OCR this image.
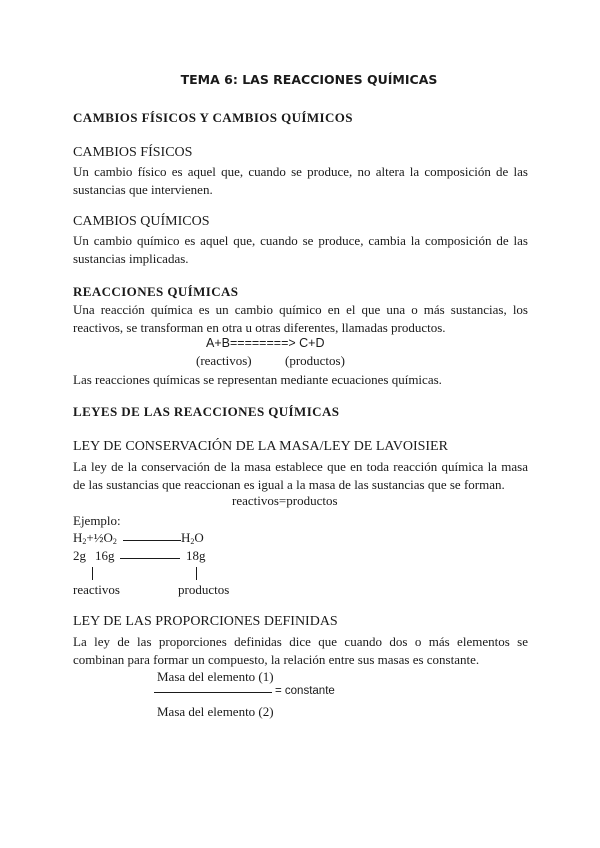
TEMA 6: LAS REACCIONES QUÍMICAS
CAMBIOS FÍSICOS Y CAMBIOS QUÍMICOS
CAMBIOS FÍSICOS
Un cambio físico es aquel que, cuando se produce, no altera la composición de las
sustancias que intervienen.
CAMBIOS QUÍMICOS
Un cambio químico es aquel que, cuando se produce, cambia la composición de las
sustancias implicadas.
REACCIONES QUÍMICAS
Una reacción química es un cambio químico en el que una o más sustancias, los
reactivos, se transforman en otra u otras diferentes, llamadas productos.
A+B========> C+D
(reactivos)	(productos)
Las reacciones químicas se representan mediante ecuaciones químicas.
LEYES DE LAS REACCIONES QUÍMICAS
LEY DE CONSERVACIÓN DE LA MASA/LEY DE LAVOISIER
La ley de la conservación de la masa establece que en toda reacción química la masa
de las sustancias que reaccionan es igual a la masa de las sustancias que se forman.
reactivos=productos
Ejemplo:
$H_2+\frac{1}{2}O_2$	$H_2O$
2g 16g	18g
reactivos	productos
LEY DE LAS PROPORCIONES DEFINIDAS
La ley de las proporciones definidas dice que cuando dos o más elementos se
combinan para formar un compuesto, la relación entre sus masas es constante.
Masa del elemento (1)
= constante
Masa del elemento (2)
